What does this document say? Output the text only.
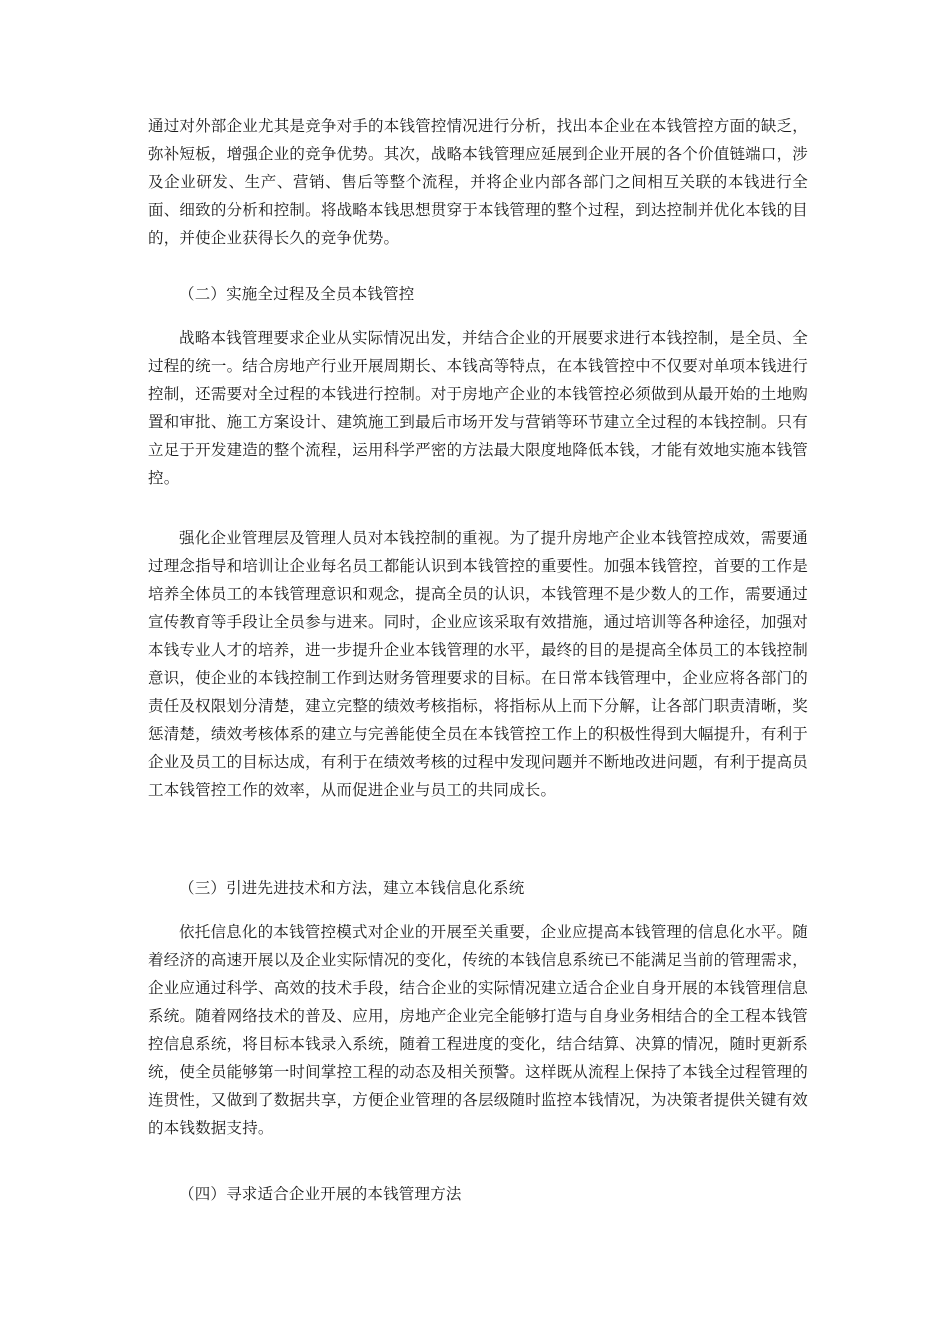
通过对外部企业尤其是竞争对手的本钱管控情况进行分析，找出本企业在本钱管控方面的缺乏，弥补短板，增强企业的竞争优势。其次，战略本钱管理应延展到企业开展的各个价值链端口，涉及企业研发、生产、营销、售后等整个流程，并将企业内部各部门之间相互关联的本钱进行全面、细致的分析和控制。将战略本钱思想贯穿于本钱管理的整个过程，到达控制并优化本钱的目的，并使企业获得长久的竞争优势。

（二）实施全过程及全员本钱管控

战略本钱管理要求企业从实际情况出发，并结合企业的开展要求进行本钱控制，是全员、全过程的统一。结合房地产行业开展周期长、本钱高等特点，在本钱管控中不仅要对单项本钱进行控制，还需要对全过程的本钱进行控制。对于房地产企业的本钱管控必须做到从最开始的土地购置和审批、施工方案设计、建筑施工到最后市场开发与营销等环节建立全过程的本钱控制。只有立足于开发建造的整个流程，运用科学严密的方法最大限度地降低本钱，才能有效地实施本钱管控。

强化企业管理层及管理人员对本钱控制的重视。为了提升房地产企业本钱管控成效，需要通过理念指导和培训让企业每名员工都能认识到本钱管控的重要性。加强本钱管控，首要的工作是培养全体员工的本钱管理意识和观念，提高全员的认识，本钱管理不是少数人的工作，需要通过宣传教育等手段让全员参与进来。同时，企业应该采取有效措施，通过培训等各种途径，加强对本钱专业人才的培养，进一步提升企业本钱管理的水平，最终的目的是提高全体员工的本钱控制意识，使企业的本钱控制工作到达财务管理要求的目标。在日常本钱管理中，企业应将各部门的责任及权限划分清楚，建立完整的绩效考核指标，将指标从上而下分解，让各部门职责清晰，奖惩清楚，绩效考核体系的建立与完善能使全员在本钱管控工作上的积极性得到大幅提升，有利于企业及员工的目标达成，有利于在绩效考核的过程中发现问题并不断地改进问题，有利于提高员工本钱管控工作的效率，从而促进企业与员工的共同成长。

（三）引进先进技术和方法，建立本钱信息化系统

依托信息化的本钱管控模式对企业的开展至关重要，企业应提高本钱管理的信息化水平。随着经济的高速开展以及企业实际情况的变化，传统的本钱信息系统已不能满足当前的管理需求，企业应通过科学、高效的技术手段，结合企业的实际情况建立适合企业自身开展的本钱管理信息系统。随着网络技术的普及、应用，房地产企业完全能够打造与自身业务相结合的全工程本钱管控信息系统，将目标本钱录入系统，随着工程进度的变化，结合结算、决算的情况，随时更新系统，使全员能够第一时间掌控工程的动态及相关预警。这样既从流程上保持了本钱全过程管理的连贯性，又做到了数据共享，方便企业管理的各层级随时监控本钱情况，为决策者提供关键有效的本钱数据支持。

（四）寻求适合企业开展的本钱管理方法
